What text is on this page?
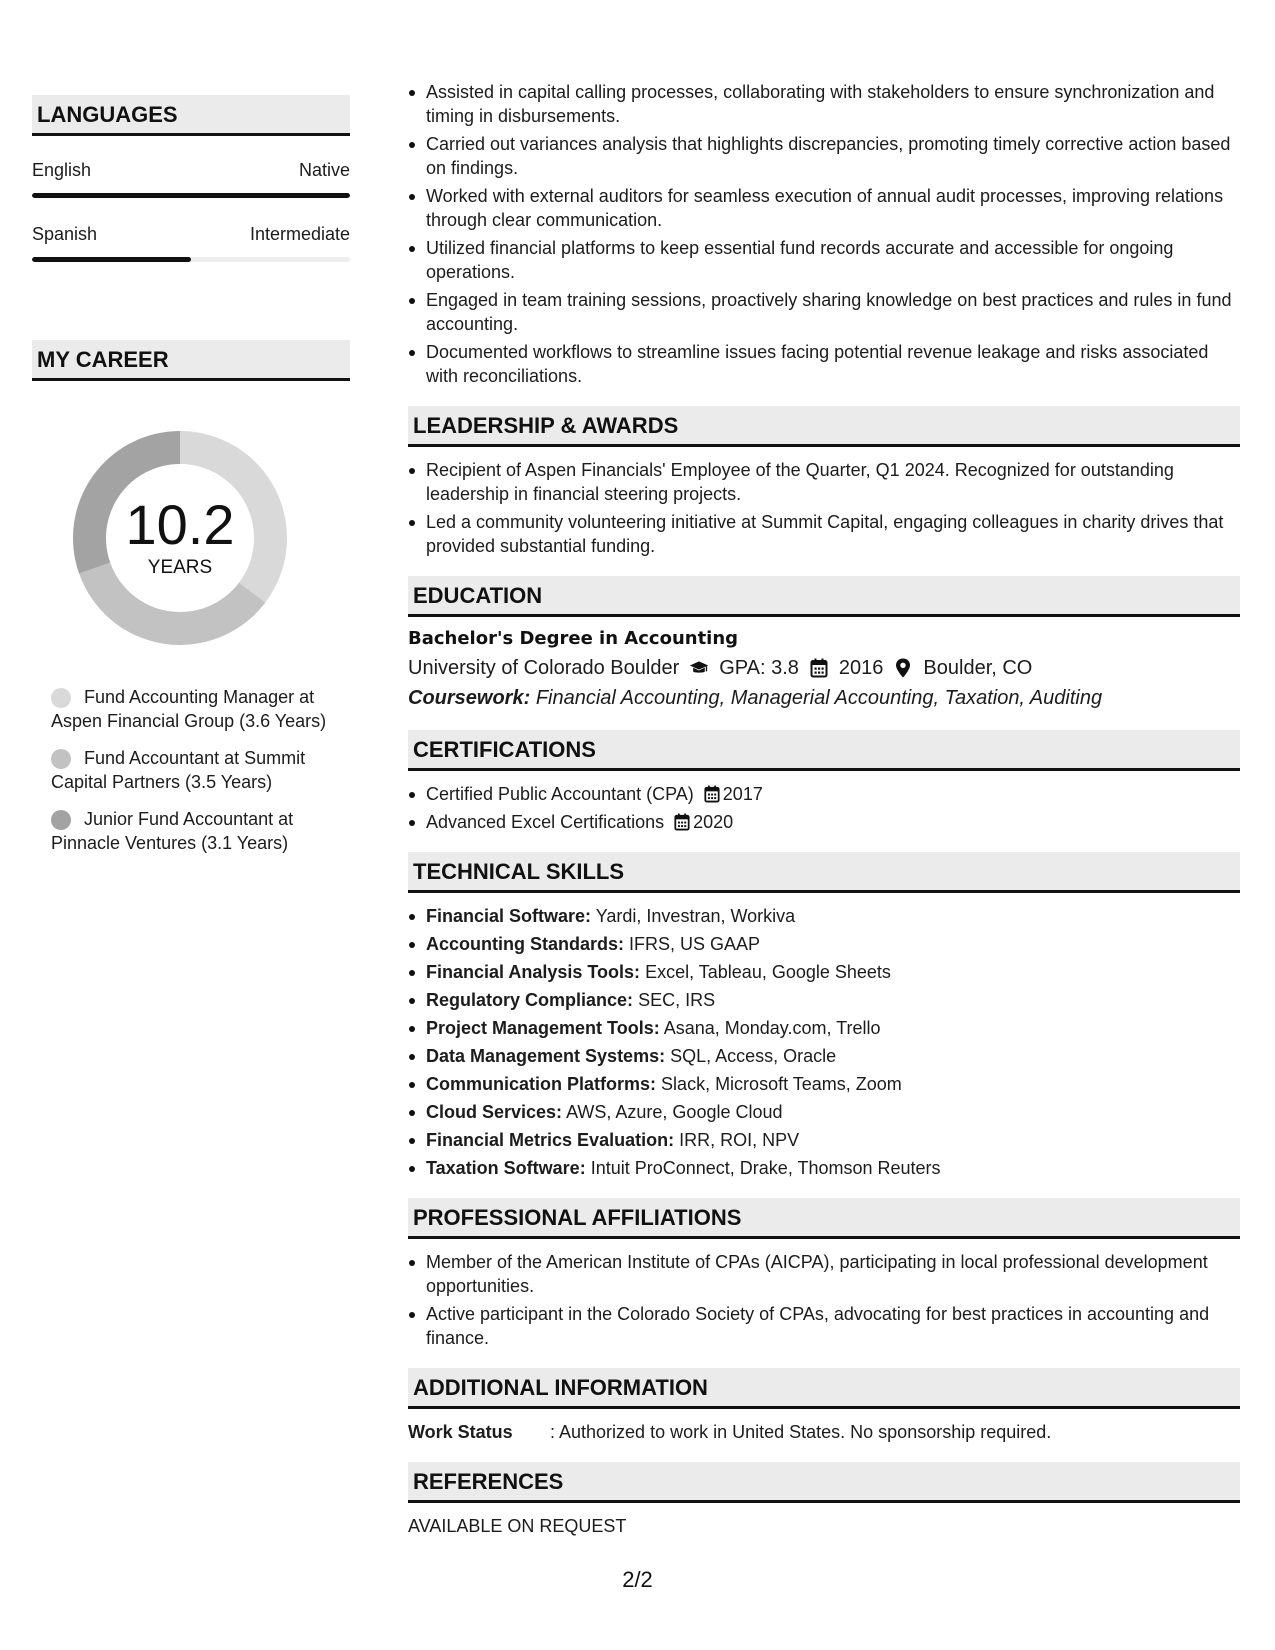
LANGUAGES
English	Native
Spanish	Intermediate
MY CAREER
10.2
YEARS
Fund Accounting Manager at Aspen Financial Group (3.6 Years)
Fund Accountant at Summit Capital Partners (3.5 Years)
Junior Fund Accountant at Pinnacle Ventures (3.1 Years)
Assisted in capital calling processes, collaborating with stakeholders to ensure synchronization and timing in disbursements.
Carried out variances analysis that highlights discrepancies, promoting timely corrective action based on findings.
Worked with external auditors for seamless execution of annual audit processes, improving relations through clear communication.
Utilized financial platforms to keep essential fund records accurate and accessible for ongoing operations.
Engaged in team training sessions, proactively sharing knowledge on best practices and rules in fund accounting.
Documented workflows to streamline issues facing potential revenue leakage and risks associated with reconciliations.
LEADERSHIP & AWARDS
Recipient of Aspen Financials' Employee of the Quarter, Q1 2024. Recognized for outstanding leadership in financial steering projects.
Led a community volunteering initiative at Summit Capital, engaging colleagues in charity drives that provided substantial funding.
EDUCATION
Bachelor's Degree in Accounting
University of Colorado Boulder GPA: 3.8 2016 Boulder, CO
Coursework: Financial Accounting, Managerial Accounting, Taxation, Auditing
CERTIFICATIONS
Certified Public Accountant (CPA) 2017
Advanced Excel Certifications 2020
TECHNICAL SKILLS
Financial Software: Yardi, Investran, Workiva
Accounting Standards: IFRS, US GAAP
Financial Analysis Tools: Excel, Tableau, Google Sheets
Regulatory Compliance: SEC, IRS
Project Management Tools: Asana, Monday.com, Trello
Data Management Systems: SQL, Access, Oracle
Communication Platforms: Slack, Microsoft Teams, Zoom
Cloud Services: AWS, Azure, Google Cloud
Financial Metrics Evaluation: IRR, ROI, NPV
Taxation Software: Intuit ProConnect, Drake, Thomson Reuters
PROFESSIONAL AFFILIATIONS
Member of the American Institute of CPAs (AICPA), participating in local professional development opportunities.
Active participant in the Colorado Society of CPAs, advocating for best practices in accounting and finance.
ADDITIONAL INFORMATION
Work Status	: Authorized to work in United States. No sponsorship required.
REFERENCES
AVAILABLE ON REQUEST
2/2
